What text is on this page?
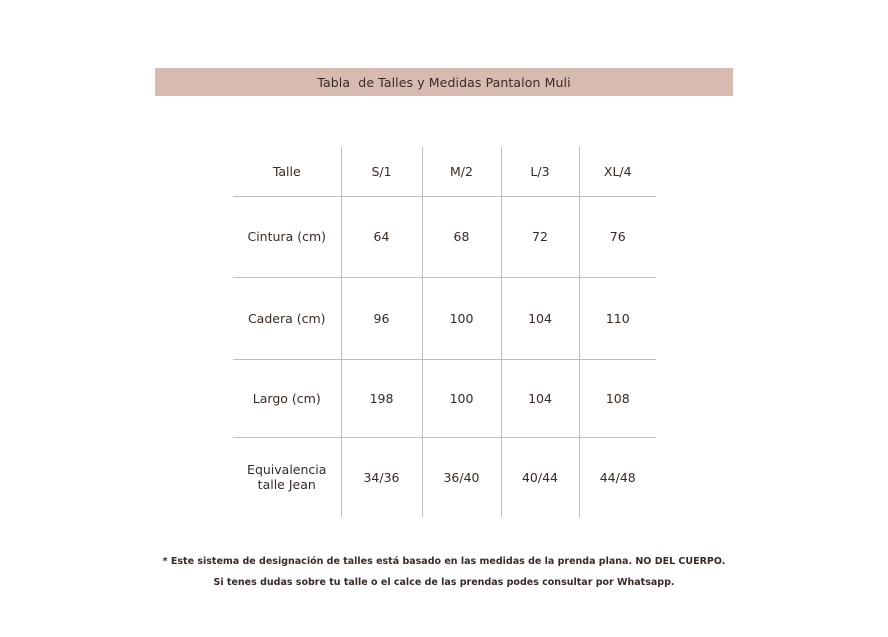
Tabla  de Talles y Medidas Pantalon Muli
Talle	S/1	M/2	L/3	XL/4
Cintura (cm)	64	68	72	76
Cadera (cm)	96	100	104	110
Largo (cm)	198	100	104	108
Equivalencia talle Jean	34/36	36/40	40/44	44/48
* Este sistema de designación de talles está basado en las medidas de la prenda plana. NO DEL CUERPO.
Si tenes dudas sobre tu talle o el calce de las prendas podes consultar por Whatsapp.
